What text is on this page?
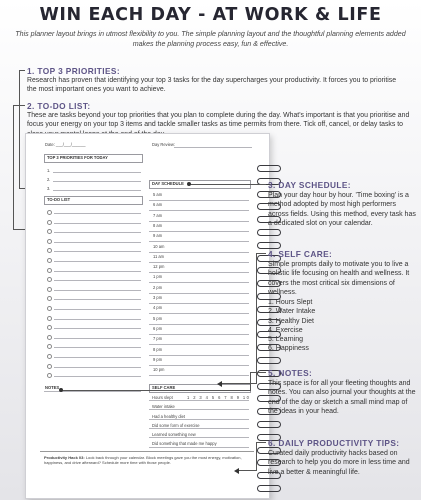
WIN EACH DAY - AT WORK & LIFE
This planner layout brings in utmost flexibility to you. The simple planning layout and the thoughtful planning elements added makes the planning process easy, fun & effective.
1. TOP 3 PRIORITIES:
Research has proven that identifying your top 3 tasks for the day supercharges your productivity. It forces you to prioritise the most important ones you want to achieve.
2. TO-DO LIST:
These are tasks beyond your top priorities that you plan to complete during the day. What's important is that you prioritise and focus your energy on your top 3 items and tackle smaller tasks as time permits from there. Tick off, cancel, or delay tasks to
Date: ___/___/______	Day Review:
TOP 3 PRIORITIES FOR TODAY
1.
2.
3.
TO-DO LIST
DAY SCHEDULE
5 am
6 am
7 am
8 am
9 am
10 am
11 am
12 pm
1 pm
2 pm
3 pm
4 pm
5 pm
6 pm
7 pm
8 pm
9 pm
10 pm
NOTES	SELF CARE
Hours slept	1 2 3 4 5 6 7 8 9 10
Water intake
Had a healthy diet
Did some form of exercise
Learned something new
Did something that made me happy
Productivity Hack 03: Look back through your calendar. Block meetings gave you the most energy, motivation, happiness, and drive afterward? Schedule more time with those people.
3. DAY SCHEDULE:
Plan your day hour by hour. 'Time boxing' is a method adopted by most high performers across fields. Using this method, every task has a dedicated slot on your calendar.
4. SELF CARE:
Simple prompts daily to motivate you to live a holistic life focusing on health and wellness. It covers the most critical six dimensions of wellness.
1. Hours Slept
2. Water Intake
3. Healthy Diet
4. Exercise
5. Learning
6. Happiness
5. NOTES:
This space is for all your fleeting thoughts and notes. You can also journal your thoughts at the end of the day or sketch a small mind map of the ideas in your head.
6. DAILY PRODUCTIVITY TIPS:
Curated daily productivity hacks based on research to help you do more in less time and live a better & meaningful life.
